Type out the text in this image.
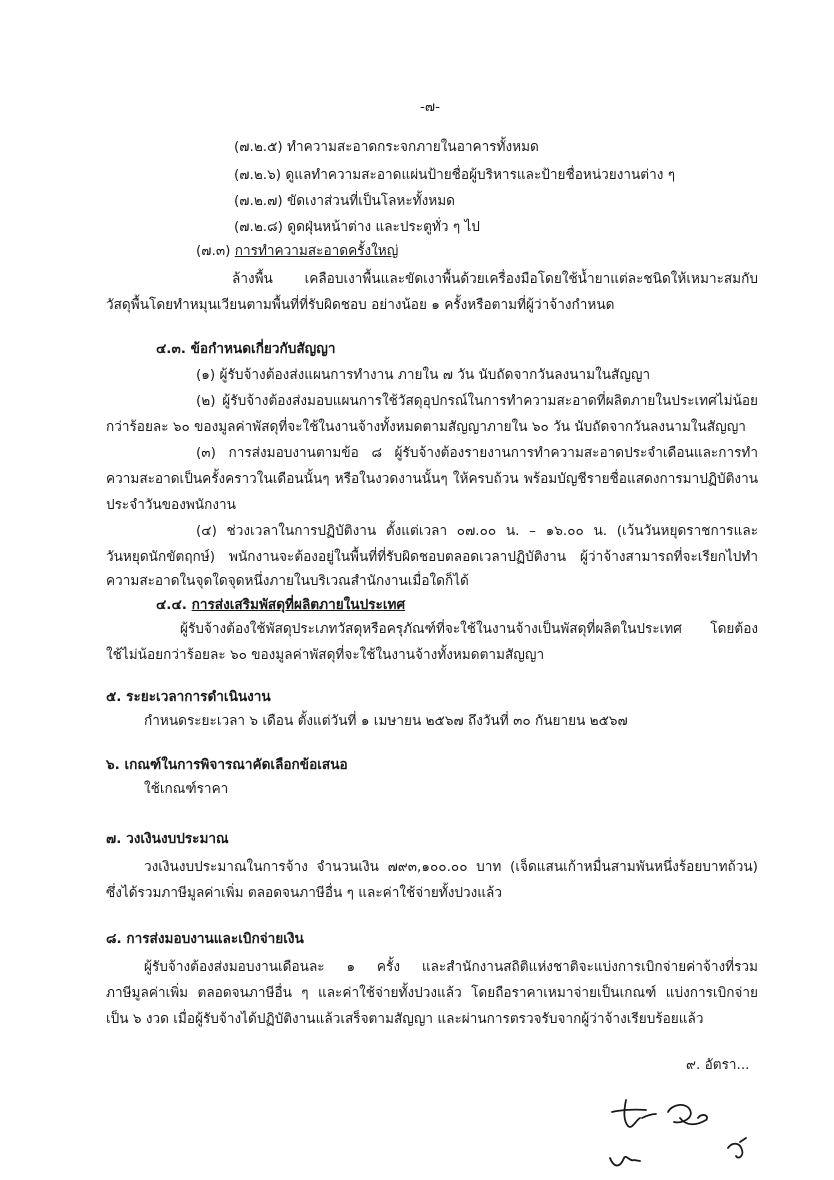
-๗-
(๗.๒.๕) ทำความสะอาดกระจกภายในอาคารทั้งหมด
(๗.๒.๖) ดูแลทำความสะอาดแผ่นป้ายชื่อผู้บริหารและป้ายชื่อหน่วยงานต่าง ๆ
(๗.๒.๗) ขัดเงาส่วนที่เป็นโลหะทั้งหมด
(๗.๒.๘) ดูดฝุ่นหน้าต่าง และประตูทั่ว ๆ ไป
(๗.๓) การทำความสะอาดครั้งใหญ่
ล้างพื้น เคลือบเงาพื้นและขัดเงาพื้นด้วยเครื่องมือโดยใช้น้ำยาแต่ละชนิดให้เหมาะสมกับ
วัสดุพื้นโดยทำหมุนเวียนตามพื้นที่ที่รับผิดชอบ อย่างน้อย ๑ ครั้งหรือตามที่ผู้ว่าจ้างกำหนด
๔.๓. ข้อกำหนดเกี่ยวกับสัญญา
(๑) ผู้รับจ้างต้องส่งแผนการทำงาน ภายใน ๗ วัน นับถัดจากวันลงนามในสัญญา
(๒) ผู้รับจ้างต้องส่งมอบแผนการใช้วัสดุอุปกรณ์ในการทำความสะอาดที่ผลิตภายในประเทศไม่น้อย
กว่าร้อยละ ๖๐ ของมูลค่าพัสดุที่จะใช้ในงานจ้างทั้งหมดตามสัญญาภายใน ๖๐ วัน นับถัดจากวันลงนามในสัญญา
(๓) การส่งมอบงานตามข้อ ๘ ผู้รับจ้างต้องรายงานการทำความสะอาดประจำเดือนและการทำ
ความสะอาดเป็นครั้งคราวในเดือนนั้นๆ หรือในงวดงานนั้นๆ ให้ครบถ้วน พร้อมบัญชีรายชื่อแสดงการมาปฏิบัติงาน
ประจำวันของพนักงาน
(๔) ช่วงเวลาในการปฏิบัติงาน ตั้งแต่เวลา ๐๗.๐๐ น. – ๑๖.๐๐ น. (เว้นวันหยุดราชการและ
วันหยุดนักขัตฤกษ์) พนักงานจะต้องอยู่ในพื้นที่ที่รับผิดชอบตลอดเวลาปฏิบัติงาน ผู้ว่าจ้างสามารถที่จะเรียกไปทำ
ความสะอาดในจุดใดจุดหนึ่งภายในบริเวณสำนักงานเมื่อใดก็ได้
๔.๔. การส่งเสริมพัสดุที่ผลิตภายในประเทศ
ผู้รับจ้างต้องใช้พัสดุประเภทวัสดุหรือครุภัณฑ์ที่จะใช้ในงานจ้างเป็นพัสดุที่ผลิตในประเทศ โดยต้อง
ใช้ไม่น้อยกว่าร้อยละ ๖๐ ของมูลค่าพัสดุที่จะใช้ในงานจ้างทั้งหมดตามสัญญา
๕. ระยะเวลาการดำเนินงาน
กำหนดระยะเวลา ๖ เดือน ตั้งแต่วันที่ ๑ เมษายน ๒๕๖๗ ถึงวันที่ ๓๐ กันยายน ๒๕๖๗
๖. เกณฑ์ในการพิจารณาคัดเลือกข้อเสนอ
ใช้เกณฑ์ราคา
๗. วงเงินงบประมาณ
วงเงินงบประมาณในการจ้าง จำนวนเงิน ๗๙๓,๑๐๐.๐๐ บาท (เจ็ดแสนเก้าหมื่นสามพันหนึ่งร้อยบาทถ้วน)
ซึ่งได้รวมภาษีมูลค่าเพิ่ม ตลอดจนภาษีอื่น ๆ และค่าใช้จ่ายทั้งปวงแล้ว
๘. การส่งมอบงานและเบิกจ่ายเงิน
ผู้รับจ้างต้องส่งมอบงานเดือนละ ๑ ครั้ง และสำนักงานสถิติแห่งชาติจะแบ่งการเบิกจ่ายค่าจ้างที่รวม
ภาษีมูลค่าเพิ่ม ตลอดจนภาษีอื่น ๆ และค่าใช้จ่ายทั้งปวงแล้ว โดยถือราคาเหมาจ่ายเป็นเกณฑ์ แบ่งการเบิกจ่าย
เป็น ๖ งวด เมื่อผู้รับจ้างได้ปฏิบัติงานแล้วเสร็จตามสัญญา และผ่านการตรวจรับจากผู้ว่าจ้างเรียบร้อยแล้ว
๙. อัตรา...
